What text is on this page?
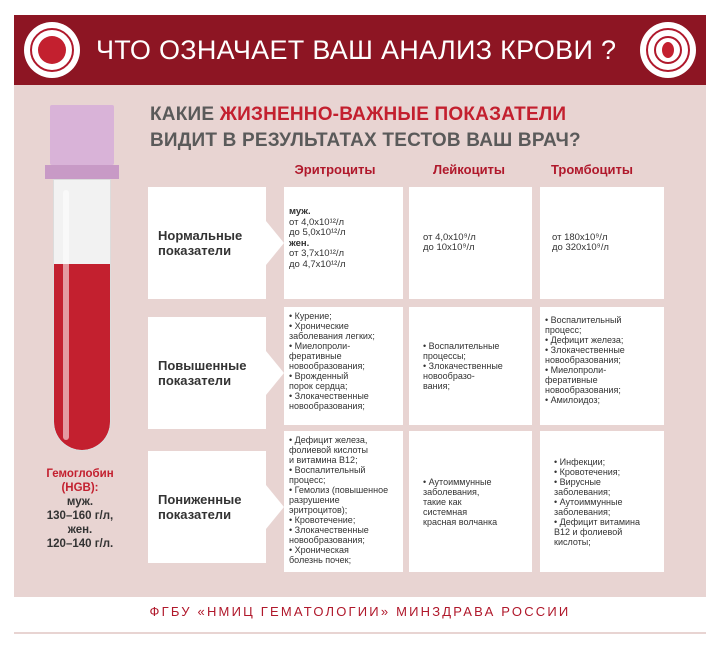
ЧТО ОЗНАЧАЕТ ВАШ АНАЛИЗ КРОВИ ?
КАКИЕ ЖИЗНЕННО-ВАЖНЫЕ ПОКАЗАТЕЛИ
ВИДИТ В РЕЗУЛЬТАТАХ ТЕСТОВ ВАШ ВРАЧ?
Гемоглобин
(HGB):
муж.
130–160 г/л,
жен.
120–140 г/л.
Эритроциты	Лейкоциты	Тромбоциты
Нормальные
показатели
муж.
от 4,0х10¹²/л
до 5,0х10¹²/л
жен.
от 3,7х10¹²/л
до 4,7х10¹²/л
от 4,0х10⁹/л
до 10х10⁹/л
от 180х10⁹/л
до 320х10⁹/л
Повышенные
показатели
• Курение;
• Хронические
заболевания легких;
• Миелопроли-
феративные
новообразования;
• Врожденный
порок сердца;
• Злокачественные
новообразования;
• Воспалительные
процессы;
• Злокачественные
новообразо-
вания;
• Воспалительный
процесс;
• Дефицит железа;
• Злокачественные
новообразования;
• Миелопроли-
феративные
новообразования;
• Амилоидоз;
Пониженные
показатели
• Дефицит железа,
фолиевой кислоты
и витамина В12;
• Воспалительный
процесс;
• Гемолиз (повышенное
разрушение
эритроцитов);
• Кровотечение;
• Злокачественные
новообразования;
• Хроническая
болезнь почек;
• Аутоиммунные
заболевания,
такие как
системная
красная волчанка
• Инфекции;
• Кровотечения;
• Вирусные
заболевания;
• Аутоиммунные
заболевания;
• Дефицит витамина
В12 и фолиевой
кислоты;
ФГБУ «НМИЦ ГЕМАТОЛОГИИ» МИНЗДРАВА РОССИИ
